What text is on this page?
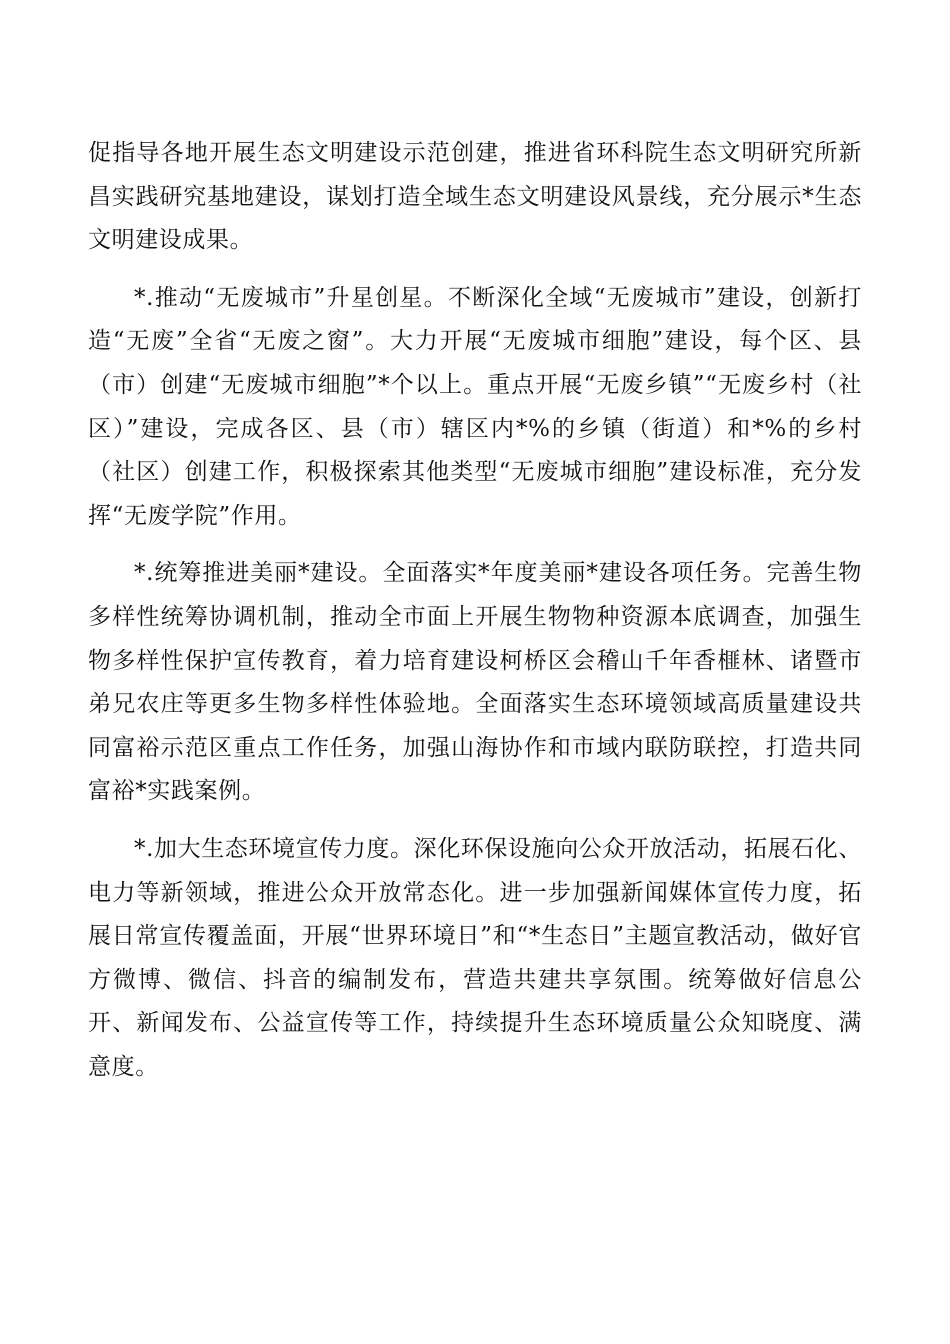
促指导各地开展生态文明建设示范创建，推进省环科院生态文明研究所新昌实践研究基地建设，谋划打造全域生态文明建设风景线，充分展示*生态文明建设成果。

*.推动“无废城市”升星创星。不断深化全域“无废城市”建设，创新打造“无废”全省“无废之窗”。大力开展“无废城市细胞”建设，每个区、县（市）创建“无废城市细胞”*个以上。重点开展“无废乡镇”“无废乡村（社区）”建设，完成各区、县（市）辖区内*%的乡镇（街道）和*%的乡村（社区）创建工作，积极探索其他类型“无废城市细胞”建设标准，充分发挥“无废学院”作用。

*.统筹推进美丽*建设。全面落实*年度美丽*建设各项任务。完善生物多样性统筹协调机制，推动全市面上开展生物物种资源本底调查，加强生物多样性保护宣传教育，着力培育建设柯桥区会稽山千年香榧林、诸暨市弟兄农庄等更多生物多样性体验地。全面落实生态环境领域高质量建设共同富裕示范区重点工作任务，加强山海协作和市域内联防联控，打造共同富裕*实践案例。

*.加大生态环境宣传力度。深化环保设施向公众开放活动，拓展石化、电力等新领域，推进公众开放常态化。进一步加强新闻媒体宣传力度，拓展日常宣传覆盖面，开展“世界环境日”和“*生态日”主题宣教活动，做好官方微博、微信、抖音的编制发布，营造共建共享氛围。统筹做好信息公开、新闻发布、公益宣传等工作，持续提升生态环境质量公众知晓度、满意度。
